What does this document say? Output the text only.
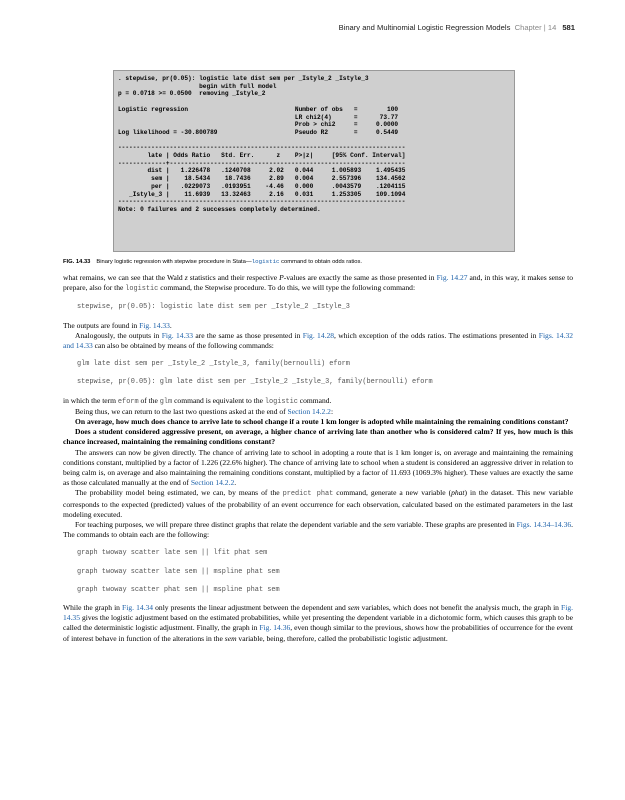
Binary and Multinomial Logistic Regression Models Chapter | 14 581
. stepwise, pr(0.05): logistic late dist sem per _Istyle_2 _Istyle_3
begin with full model
p = 0.0718 >= 0.0500  removing _Istyle_2

Logistic regression                             Number of obs   =        100
LR chi2(4)      =      73.77
Prob > chi2     =     0.0000
Log likelihood = -30.800789                     Pseudo R2       =     0.5449

------------------------------------------------------------------------------
late | Odds Ratio   Std. Err.      z    P>|z|     [95% Conf. Interval]
-------------+----------------------------------------------------------------
dist |   1.226478   .1240708     2.02   0.044     1.005893    1.495435
sem |    18.5434    18.7436     2.89   0.004     2.557396    134.4562
per |   .0229073   .0193951    -4.46   0.000     .0043579    .1204115
_Istyle_3 |    11.6939   13.32463     2.16   0.031     1.253305    109.1094
------------------------------------------------------------------------------
Note: 0 failures and 2 successes completely determined.
FIG. 14.33 Binary logistic regression with stepwise procedure in Stata—logistic command to obtain odds ratios.

what remains, we can see that the Wald z statistics and their respective P-values are exactly the same as those presented in Fig. 14.27 and, in this way, it makes sense to prepare, also for the logistic command, the Stepwise procedure. To do this, we will type the following command:

stepwise, pr(0.05): logistic late dist sem per _Istyle_2 _Istyle_3

The outputs are found in Fig. 14.33.

Analogously, the outputs in Fig. 14.33 are the same as those presented in Fig. 14.28, which exception of the odds ratios. The estimations presented in Figs. 14.32 and 14.33 can also be obtained by means of the following commands:

glm late dist sem per _Istyle_2 _Istyle_3, family(bernoulli) eform
stepwise, pr(0.05): glm late dist sem per _Istyle_2 _Istyle_3, family(bernoulli) eform

in which the term eform of the glm command is equivalent to the logistic command.

Being thus, we can return to the last two questions asked at the end of Section 14.2.2:

On average, how much does chance to arrive late to school change if a route 1 km longer is adopted while maintaining the remaining conditions constant?

Does a student considered aggressive present, on average, a higher chance of arriving late than another who is considered calm? If yes, how much is this chance increased, maintaining the remaining conditions constant?

The answers can now be given directly. The chance of arriving late to school in adopting a route that is 1 km longer is, on average and maintaining the remaining conditions constant, multiplied by a factor of 1.226 (22.6% higher). The chance of arriving late to school when a student is considered an aggressive driver in relation to being calm is, on average and also maintaining the remaining conditions constant, multiplied by a factor of 11.693 (1069.3% higher). These values are exactly the same as those calculated manually at the end of Section 14.2.2.

The probability model being estimated, we can, by means of the predict phat command, generate a new variable (phat) in the dataset. This new variable corresponds to the expected (predicted) values of the probability of an event occurrence for each observation, calculated based on the estimated parameters in the last modeling executed.

For teaching purposes, we will prepare three distinct graphs that relate the dependent variable and the sem variable. These graphs are presented in Figs. 14.34–14.36. The commands to obtain each are the following:

graph twoway scatter late sem || lfit phat sem
graph twoway scatter late sem || mspline phat sem
graph twoway scatter phat sem || mspline phat sem

While the graph in Fig. 14.34 only presents the linear adjustment between the dependent and sem variables, which does not benefit the analysis much, the graph in Fig. 14.35 gives the logistic adjustment based on the estimated probabilities, while yet presenting the dependent variable in a dichotomic form, which causes this graph to be called the deterministic logistic adjustment. Finally, the graph in Fig. 14.36, even though similar to the previous, shows how the probabilities of occurrence for the event of interest behave in function of the alterations in the sem variable, being, therefore, called the probabilistic logistic adjustment.
